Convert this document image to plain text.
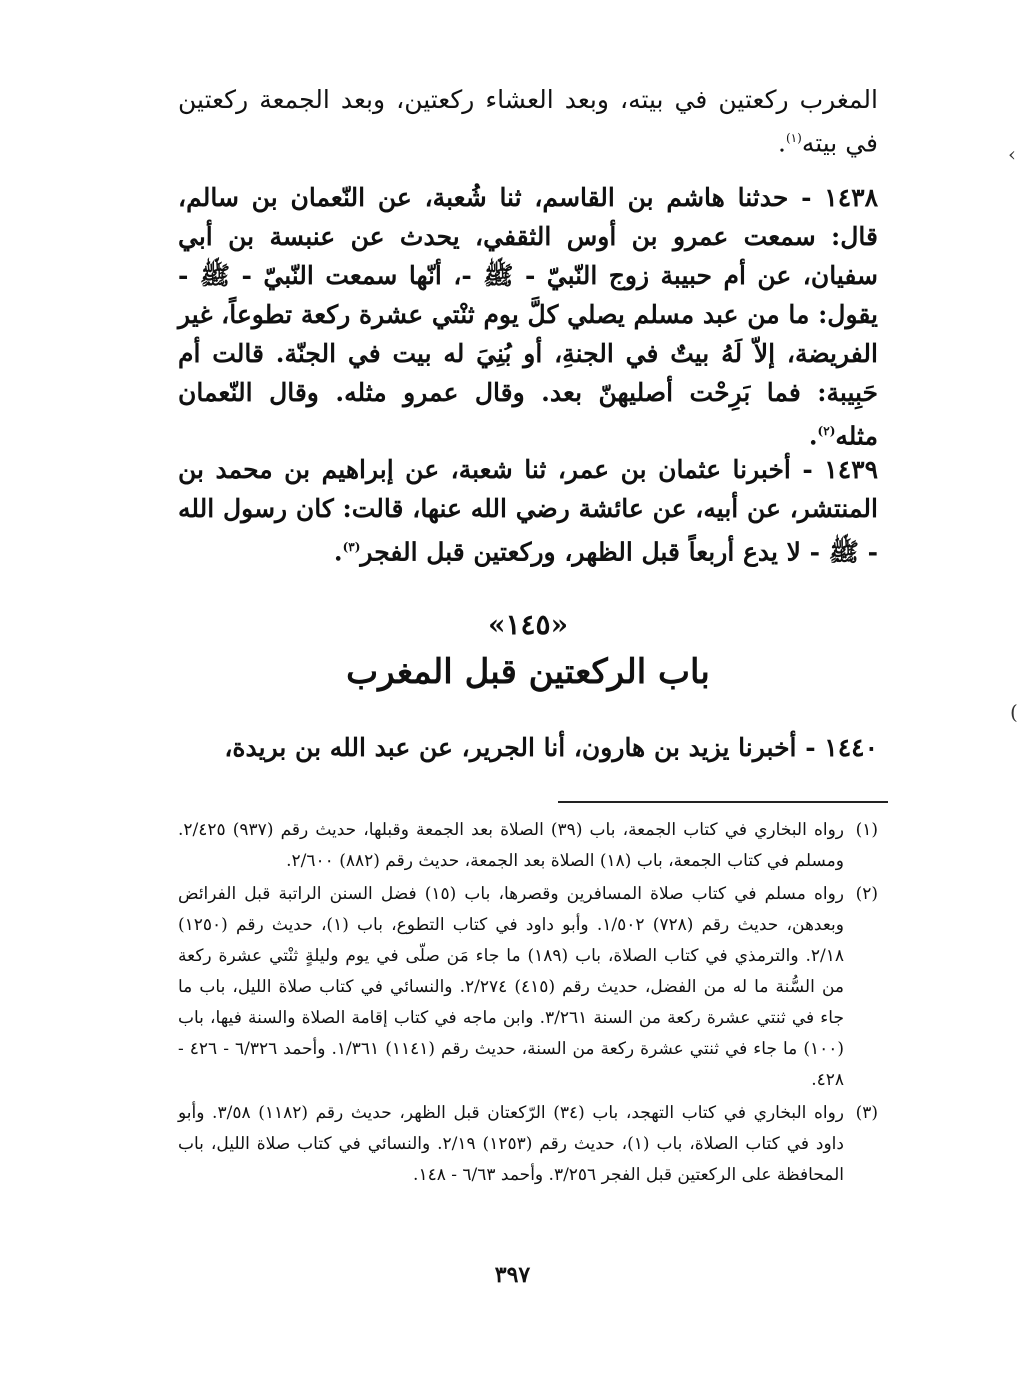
المغرب ركعتين في بيته، وبعد العشاء ركعتين، وبعد الجمعة ركعتين في بيته$^{(١)}$.

١٤٣٨ - حدثنا هاشم بن القاسم، ثنا شُعبة، عن النّعمان بن سالم، قال: سمعت عمرو بن أوس الثقفي، يحدث عن عنبسة بن أبي سفيان، عن أم حبيبة زوج النّبيّ - ﷺ -، أنّها سمعت النّبيّ - ﷺ - يقول: ما من عبد مسلم يصلي كلَّ يوم ثنْتي عشرة ركعة تطوعاً، غير الفريضة، إلاّ لَهُ بيتٌ في الجنةِ، أو بُنِيَ له بيت في الجنّة. قالت أم حَبِيبة: فما بَرِحْت أصليهنّ بعد. وقال عمرو مثله. وقال النّعمان مثله$^{(٢)}$.

١٤٣٩ - أخبرنا عثمان بن عمر، ثنا شعبة، عن إبراهيم بن محمد بن المنتشر، عن أبيه، عن عائشة رضي الله عنها، قالت: كان رسول الله - ﷺ - لا يدع أربعاً قبل الظهر، وركعتين قبل الفجر$^{(٣)}$.

«١٤٥»
باب الركعتين قبل المغرب

١٤٤٠ - أخبرنا يزيد بن هارون، أنا الجرير، عن عبد الله بن بريدة،

(١)
رواه البخاري في كتاب الجمعة، باب (٣٩) الصلاة بعد الجمعة وقبلها، حديث رقم (٩٣٧) ٢/٤٢٥. ومسلم في كتاب الجمعة، باب (١٨) الصلاة بعد الجمعة، حديث رقم (٨٨٢) ٢/٦٠٠.

(٢)
رواه مسلم في كتاب صلاة المسافرين وقصرها، باب (١٥) فضل السنن الراتبة قبل الفرائض وبعدهن، حديث رقم (٧٢٨) ١/٥٠٢. وأبو داود في كتاب التطوع، باب (١)، حديث رقم (١٢٥٠) ٢/١٨. والترمذي في كتاب الصلاة، باب (١٨٩) ما جاء مَن صلّى في يوم وليلةٍ ثنْتي عشرة ركعة من السُّنة ما له من الفضل، حديث رقم (٤١٥) ٢/٢٧٤. والنسائي في كتاب صلاة الليل، باب ما جاء في ثنتي عشرة ركعة من السنة ٣/٢٦١. وابن ماجه في كتاب إقامة الصلاة والسنة فيها، باب (١٠٠) ما جاء في ثنتي عشرة ركعة من السنة، حديث رقم (١١٤١) ١/٣٦١. وأحمد ٦/٣٢٦ - ٤٢٦ - ٤٢٨.

(٣)
رواه البخاري في كتاب التهجد، باب (٣٤) الرّكعتان قبل الظهر، حديث رقم (١١٨٢) ٣/٥٨. وأبو داود في كتاب الصلاة، باب (١)، حديث رقم (١٢٥٣) ٢/١٩. والنسائي في كتاب صلاة الليل، باب المحافظة على الركعتين قبل الفجر ٣/٢٥٦. وأحمد ٦/٦٣ - ١٤٨.

٣٩٧
‹
(
